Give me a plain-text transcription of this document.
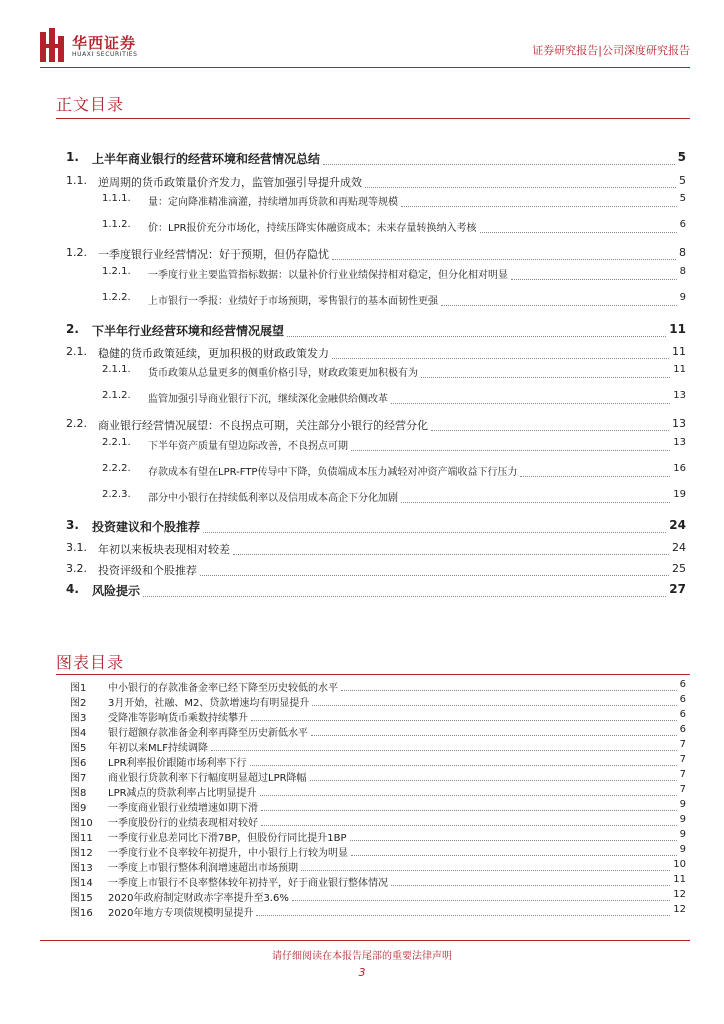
华西证券
HUAXI SECURITIES	证券研究报告|公司深度研究报告
正文目录
1. 上半年商业银行的经营环境和经营情况总结	5
1.1. 逆周期的货币政策量价齐发力，监管加强引导提升成效	5
1.1.1. 量：定向降准精准滴灌，持续增加再贷款和再贴现等规模	5
1.1.2. 价：LPR报价充分市场化，持续压降实体融资成本；未来存量转换纳入考核	6
1.2. 一季度银行业经营情况：好于预期，但仍存隐忧	8
1.2.1. 一季度行业主要监管指标数据：以量补价行业业绩保持相对稳定，但分化相对明显	8
1.2.2. 上市银行一季报：业绩好于市场预期，零售银行的基本面韧性更强	9
2. 下半年行业经营环境和经营情况展望	11
2.1. 稳健的货币政策延续，更加积极的财政政策发力	11
2.1.1. 货币政策从总量更多的侧重价格引导，财政政策更加积极有为	11
2.1.2. 监管加强引导商业银行下沉，继续深化金融供给侧改革	13
2.2. 商业银行经营情况展望：不良拐点可期，关注部分小银行的经营分化	13
2.2.1. 下半年资产质量有望边际改善，不良拐点可期	13
2.2.2. 存款成本有望在LPR-FTP传导中下降，负债端成本压力减轻对冲资产端收益下行压力	16
2.2.3. 部分中小银行在持续低利率以及信用成本高企下分化加剧	19
3. 投资建议和个股推荐	24
3.1. 年初以来板块表现相对较差	24
3.2. 投资评级和个股推荐	25
4. 风险提示	27
图表目录
图1 中小银行的存款准备金率已经下降至历史较低的水平	6
图2 3月开始，社融、M2、贷款增速均有明显提升	6
图3 受降准等影响货币乘数持续攀升	6
图4 银行超额存款准备金利率再降至历史新低水平	6
图5 年初以来MLF持续调降	7
图6 LPR利率报价跟随市场利率下行	7
图7 商业银行贷款利率下行幅度明显超过LPR降幅	7
图8 LPR减点的贷款利率占比明显提升	7
图9 一季度商业银行业绩增速如期下滑	9
图10 一季度股份行的业绩表现相对较好	9
图11 一季度行业息差同比下滑7BP，但股份行同比提升1BP	9
图12 一季度行业不良率较年初提升，中小银行上行较为明显	9
图13 一季度上市银行整体利润增速超出市场预期	10
图14 一季度上市银行不良率整体较年初持平，好于商业银行整体情况	11
图15 2020年政府制定财政赤字率提升至3.6%	12
图16 2020年地方专项债规模明显提升	12
请仔细阅读在本报告尾部的重要法律声明
3
